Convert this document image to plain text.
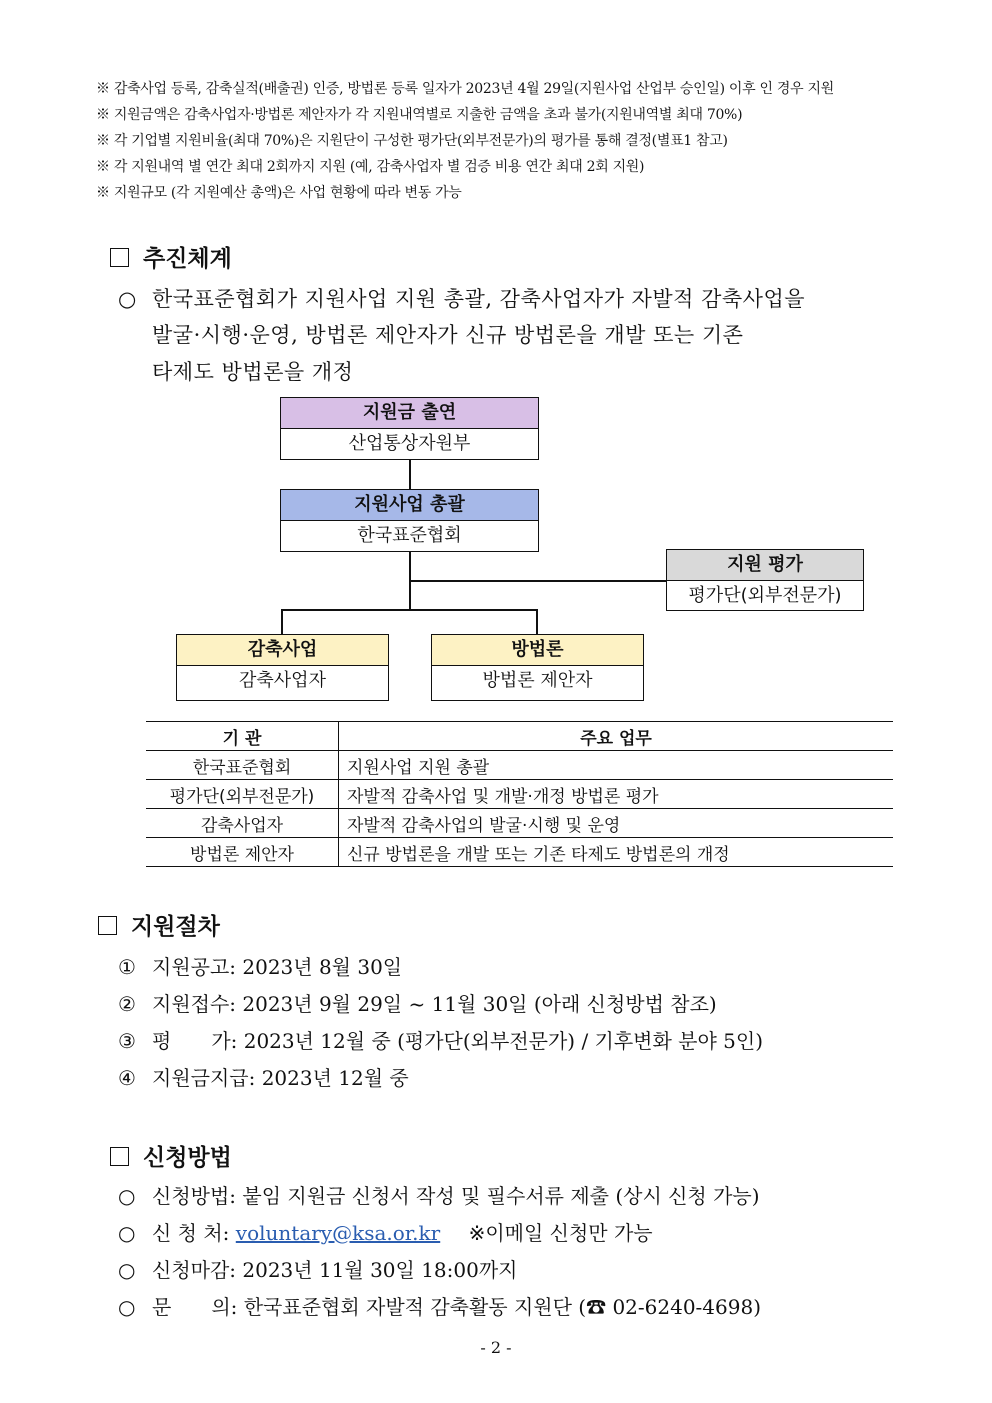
※ 감축사업 등록, 감축실적(배출권) 인증, 방법론 등록 일자가 2023년 4월 29일(지원사업 산업부 승인일) 이후 인 경우 지원
※ 지원금액은 감축사업자·방법론 제안자가 각 지원내역별로 지출한 금액을 초과 불가(지원내역별 최대 70%)
※ 각 기업별 지원비율(최대 70%)은 지원단이 구성한 평가단(외부전문가)의 평가를 통해 결정(별표1 참고)
※ 각 지원내역 별 연간 최대 2회까지 지원 (예, 감축사업자 별 검증 비용 연간 최대 2회 지원)
※ 지원규모 (각 지원예산 총액)은 사업 현황에 따라 변동 가능
추진체계
○ 한국표준협회가 지원사업 지원 총괄, 감축사업자가 자발적 감축사업을
발굴·시행·운영, 방법론 제안자가 신규 방법론을 개발 또는 기존
타제도 방법론을 개정
지원금 출연
산업통상자원부
지원사업 총괄
한국표준협회
지원 평가
평가단(외부전문가)
감축사업
감축사업자
방법론
방법론 제안자
기 관	주요 업무
한국표준협회	지원사업 지원 총괄
평가단(외부전문가)	자발적 감축사업 및 개발·개정 방법론 평가
감축사업자	자발적 감축사업의 발굴·시행 및 운영
방법론 제안자	신규 방법론을 개발 또는 기존 타제도 방법론의 개정
지원절차
① 지원공고: 2023년 8월 30일
② 지원접수: 2023년 9월 29일 ~ 11월 30일 (아래 신청방법 참조)
③ 평　　가: 2023년 12월 중 (평가단(외부전문가) / 기후변화 분야 5인)
④ 지원금지급: 2023년 12월 중
신청방법
○ 신청방법: 붙임 지원금 신청서 작성 및 필수서류 제출 (상시 신청 가능)
○ 신 청 처: voluntary@ksa.or.kr ※이메일 신청만 가능
○ 신청마감: 2023년 11월 30일 18:00까지
○ 문　　의: 한국표준협회 자발적 감축활동 지원단 (☎ 02-6240-4698)
- 2 -
